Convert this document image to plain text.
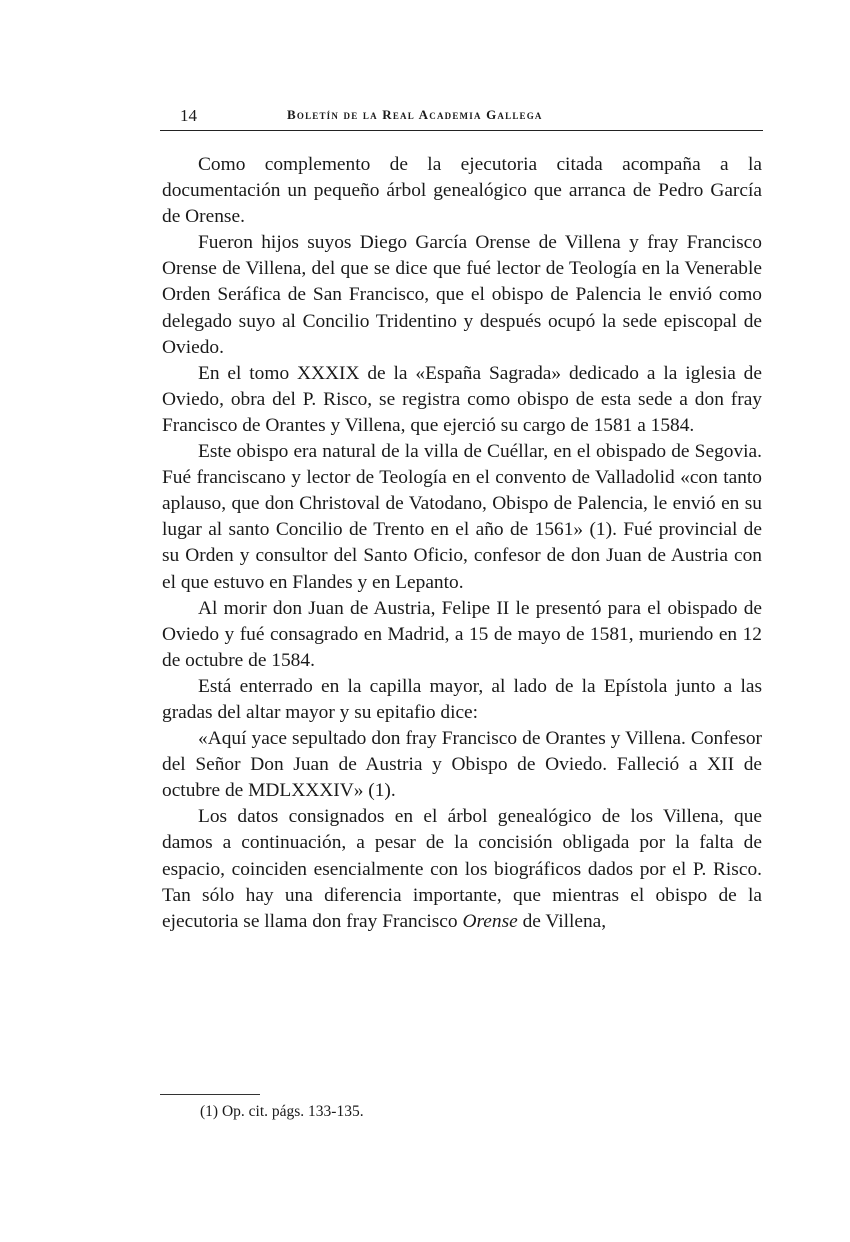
14	Boletín de la Real Academia Gallega

Como complemento de la ejecutoria citada acompaña a la documentación un pequeño árbol genealógico que arranca de Pedro García de Orense.

Fueron hijos suyos Diego García Orense de Villena y fray Francisco Orense de Villena, del que se dice que fué lector de Teología en la Venerable Orden Seráfica de San Francisco, que el obispo de Palencia le envió como delegado suyo al Concilio Tridentino y después ocupó la sede episcopal de Oviedo.

En el tomo XXXIX de la «España Sagrada» dedicado a la iglesia de Oviedo, obra del P. Risco, se registra como obispo de esta sede a don fray Francisco de Orantes y Villena, que ejerció su cargo de 1581 a 1584.

Este obispo era natural de la villa de Cuéllar, en el obispado de Segovia. Fué franciscano y lector de Teología en el convento de Valladolid «con tanto aplauso, que don Christoval de Vatodano, Obispo de Palencia, le envió en su lugar al santo Concilio de Trento en el año de 1561» (1). Fué provincial de su Orden y consultor del Santo Oficio, confesor de don Juan de Austria con el que estuvo en Flandes y en Lepanto.

Al morir don Juan de Austria, Felipe II le presentó para el obispado de Oviedo y fué consagrado en Madrid, a 15 de mayo de 1581, muriendo en 12 de octubre de 1584.

Está enterrado en la capilla mayor, al lado de la Epístola junto a las gradas del altar mayor y su epitafio dice:

«Aquí yace sepultado don fray Francisco de Orantes y Villena. Confesor del Señor Don Juan de Austria y Obispo de Oviedo. Falleció a XII de octubre de MDLXXXIV» (1).

Los datos consignados en el árbol genealógico de los Villena, que damos a continuación, a pesar de la concisión obligada por la falta de espacio, coinciden esencialmente con los biográficos dados por el P. Risco. Tan sólo hay una diferencia importante, que mientras el obispo de la ejecutoria se llama don fray Francisco Orense de Villena,

(1) Op. cit. págs. 133-135.
